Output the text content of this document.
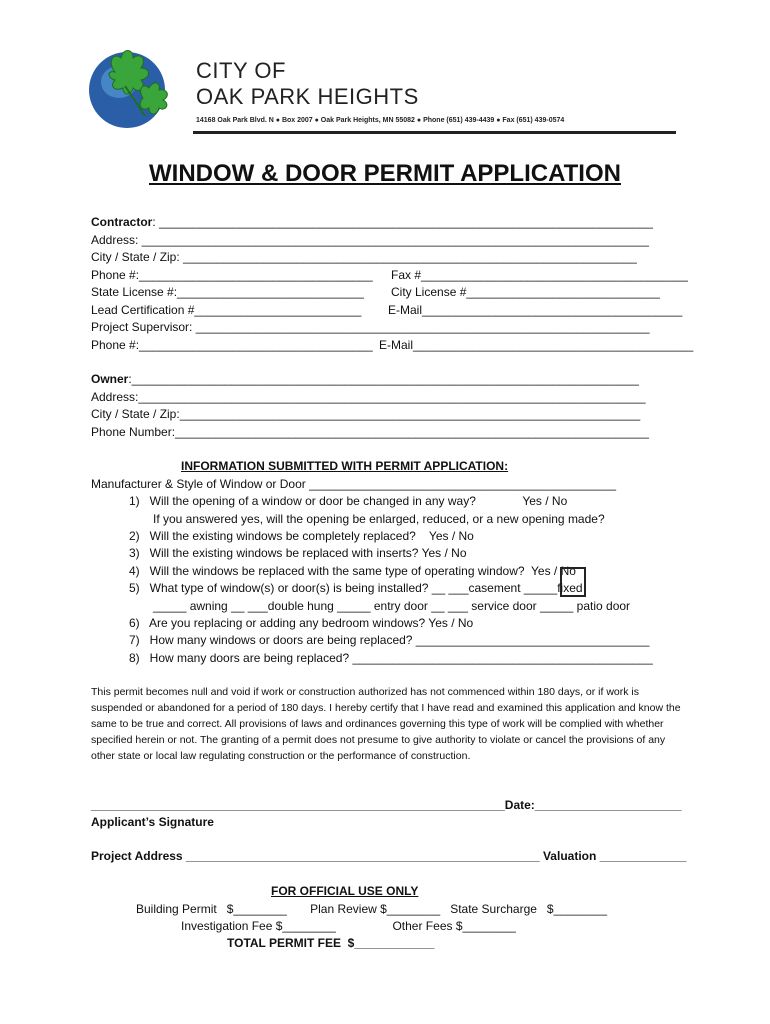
CITY OF
OAK PARK HEIGHTS
14168 Oak Park Blvd. N ● Box 2007 ● Oak Park Heights, MN 55082 ● Phone (651) 439-4439 ● Fax (651) 439-0574
WINDOW & DOOR PERMIT APPLICATION
Contractor: __________________________________________________________________________
Address: ____________________________________________________________________________
City / State / Zip: ____________________________________________________________________
Phone #:___________________________________ Fax #________________________________________
State License #:____________________________ City License #_____________________________
Lead Certification #_________________________ E-Mail_______________________________________
Project Supervisor: ____________________________________________________________________
Phone #:___________________________________ E-Mail__________________________________________
Owner:____________________________________________________________________________
Address:____________________________________________________________________________
City / State / Zip:_____________________________________________________________________
Phone Number:_______________________________________________________________________
INFORMATION SUBMITTED WITH PERMIT APPLICATION:
Manufacturer & Style of Window or Door ______________________________________________
1)   Will the opening of a window or door be changed in any way?              Yes / No
If you answered yes, will the opening be enlarged, reduced, or a new opening made?
2)   Will the existing windows be completely replaced?    Yes / No
3)   Will the existing windows be replaced with inserts? Yes / No
4)   Will the windows be replaced with the same type of operating window?  Yes / No
5)   What type of window(s) or door(s) is being installed? __ ___casement _____fixed
_____ awning __ ___double hung _____ entry door __ ___ service door _____ patio door
6)   Are you replacing or adding any bedroom windows? Yes / No
7)   How many windows or doors are being replaced? ___________________________________
8)   How many doors are being replaced? _____________________________________________
This permit becomes null and void if work or construction authorized has not commenced within 180 days, or if work is suspended or abandoned for a period of 180 days. I hereby certify that I have read and examined this application and know the same to be true and correct. All provisions of laws and ordinances governing this type of work will be complied with whether specified herein or not. The granting of a permit does not presume to give authority to violate or cancel the provisions of any other state or local law regulating construction or the performance of construction.
______________________________________________________________Date:______________________
Applicant’s Signature
Project Address _____________________________________________________ Valuation _____________
FOR OFFICIAL USE ONLY
Building Permit   $________       Plan Review $________   State Surcharge   $________
Investigation Fee $________                 Other Fees $________
TOTAL PERMIT FEE  $____________
